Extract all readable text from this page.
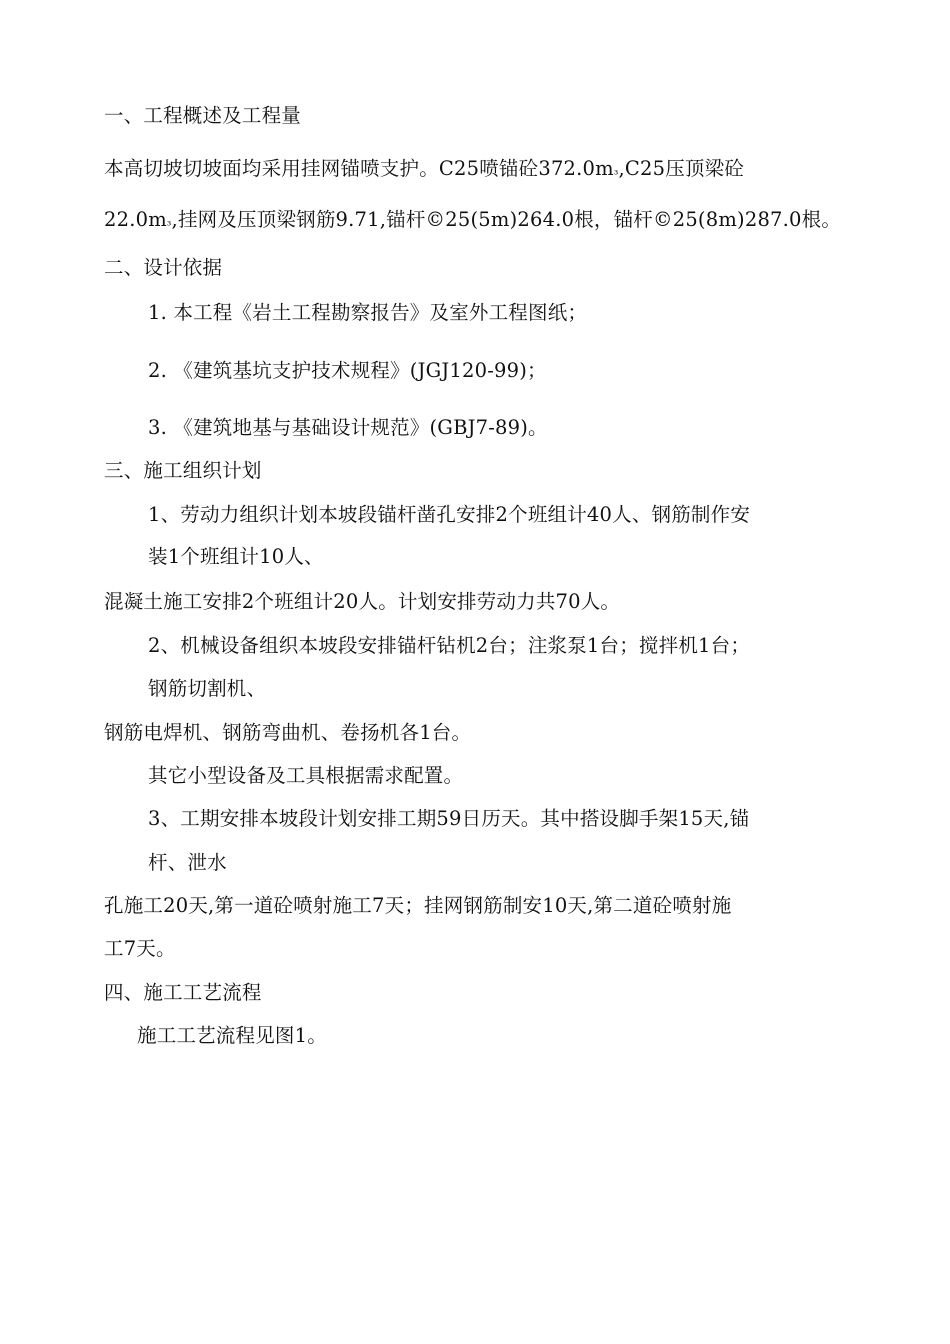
一、工程概述及工程量
本高切坡切坡面均采用挂网锚喷支护。C25喷锚砼$372.0m_{^3},C25$压顶梁砼
$22.0m_{^3}$,挂网及压顶梁钢筋9.71,锚杆©25(5m)264.0根，锚杆©25(8m)287.0根。
二、设计依据
1. 本工程《岩土工程勘察报告》及室外工程图纸；
2. 《建筑基坑支护技术规程》(JGJ120-99)；
3. 《建筑地基与基础设计规范》(GBJ7-89)。
三、施工组织计划
1、劳动力组织计划本坡段锚杆凿孔安排2个班组计40人、钢筋制作安
装1个班组计10人、
混凝土施工安排2个班组计20人。计划安排劳动力共70人。
2、机械设备组织本坡段安排锚杆钻机2台；注浆泵1台；搅拌机1台；
钢筋切割机、
钢筋电焊机、钢筋弯曲机、卷扬机各1台。
其它小型设备及工具根据需求配置。
3、工期安排本坡段计划安排工期59日历天。其中搭设脚手架15天,锚
杆、泄水
孔施工20天,第一道砼喷射施工7天；挂网钢筋制安10天,第二道砼喷射施
工7天。
四、施工工艺流程
施工工艺流程见图1。
